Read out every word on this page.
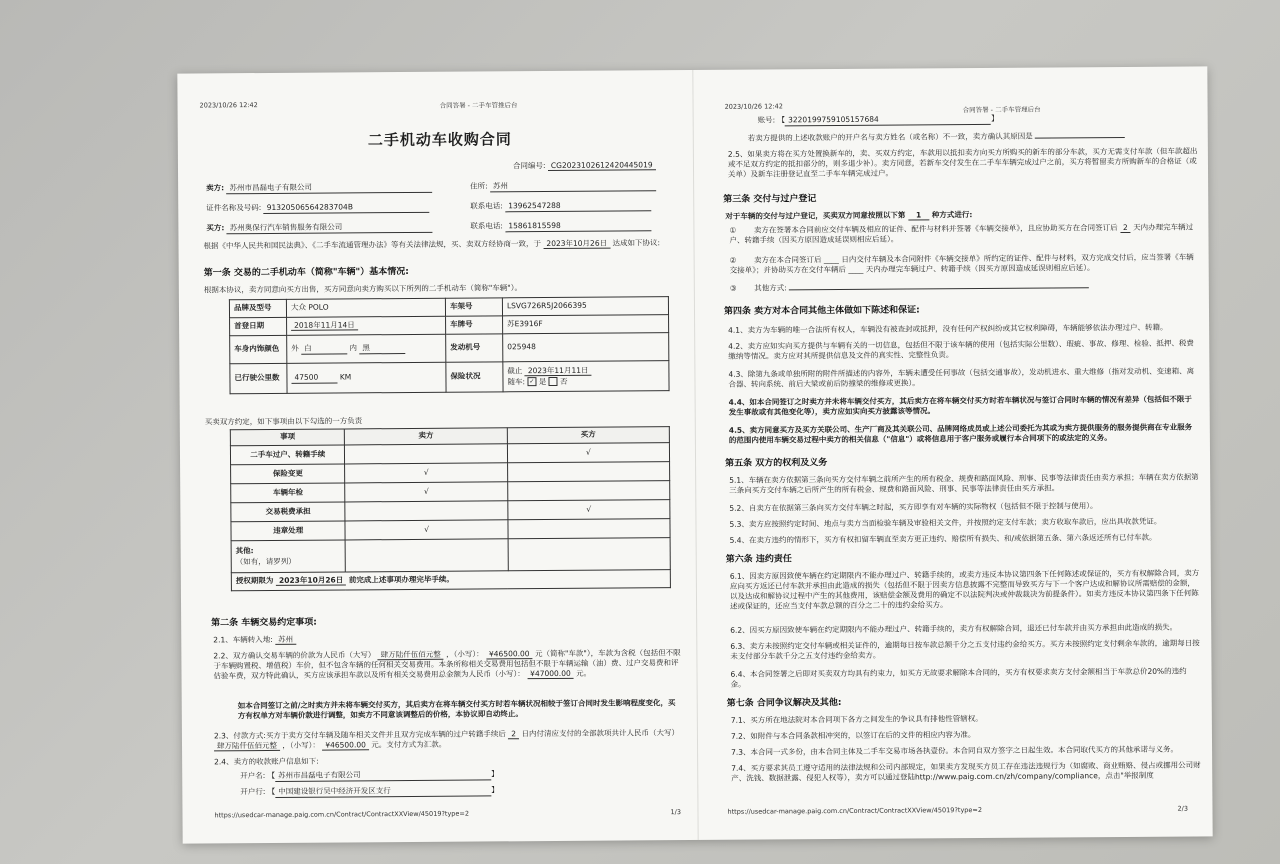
2023/10/26 12:42	合同答署 - 二手车管推后台
二手机动车收购合同
合同编号: CG2023102612420445019
卖方: 苏州市昌磊电子有限公司	住所: 苏州
证件名称及号码: 91320506564283704B	联系电话: 13962547288
买方: 苏州奥保行汽车销售服务有限公司	联系电话: 15861815598
根据《中华人民共和国民法典》、《二手车流通管理办法》等有关法律法规，买、卖双方经协商一致，于 2023年10月26日 达成如下协议:
第一条 交易的二手机动车（简称"车辆"）基本情况:
根据本协议，卖方同意向买方出售，买方同意向卖方购买以下所列的二手机动车（简称"车辆"）。
品牌及型号	大众 POLO	车架号	LSVG726R5J2066395
首登日期	2018年11月14日	车牌号	苏E3916F
车身内饰颜色	外 白 内 黑	发动机号	025948
已行驶公里数	47500 KM	保险状况	截止 2023年11月11日
随车: ✓ 是 否
买卖双方约定，如下事项由以下勾选的一方负责
事项	卖方	买方
二手车过户、转籍手续		√
保险变更	√	
车辆年检	√	
交易税费承担		√
违章处理	√	

其他:
（如有，请罗列）		

授权期限为 2023年10月26日 前完成上述事项办理完毕手续。		
第二条 车辆交易约定事项:
2.1、车辆转入地: 苏州
2.2、双方确认交易车辆的价款为人民币（大写） 肆万陆仟伍佰元整 ，（小写）： ¥46500.00 元（简称"车款"），车款为含税（包括但不限于车辆购置税、增值税）车价，但不包含车辆的任何相关交易费用。本条所称相关交易费用包括但不限于车辆运输（油）费、过户交易费和评估验车费，双方特此确认，买方应该承担车款以及所有相关交易费用总金额为人民币（小写）： ¥47000.00 元。
如本合同签订之前/之时卖方并未将车辆交付买方，其后卖方在将车辆交付买方时若车辆状况相较于签订合同时发生影响程度变化，买方有权单方对车辆价款进行调整，如卖方不同意该调整后的价格，本协议即自动终止。
2.3、付款方式:买方于卖方交付车辆及随车相关文件并且双方完成车辆的过户转籍手续后 2 日内付清应支付的全部款项共计人民币（大写） 肆万陆仟伍佰元整 ，（小写）： ¥46500.00 元。支付方式为汇款。
2.4、卖方的收款账户信息如下:
开户名: 【 苏州市昌磊电子有限公司	】
开户行: 【 中国建设银行吴中经济开发区支行	】
https://usedcar-manage.paig.com.cn/Contract/ContractXXView/45019?type=2	1/3
2023/10/26 12:42	合同答署 - 二手车管理后台
账号: 【 3220199759105157684	】
若卖方提供的上述收款账户的开户名与卖方姓名（或名称）不一致，卖方确认其原因是
2.5、如果卖方将在买方处置换新车的，卖、买双方约定，车款用以抵扣卖方向买方所购买的新车的部分车款，买方无需支付车款（但车款超出或不足双方约定的抵扣部分的，则多退少补）。卖方同意，若新车交付发生在二手车车辆完成过户之前，买方将暂留卖方所购新车的合格证（或关单）及新车注册登记直至二手车车辆完成过户。
第三条 交付与过户登记
对于车辆的交付与过户登记，买卖双方同意按照以下第 1 种方式进行:
① 卖方在签署本合同前应交付车辆及相应的证件、配件与材料并签署《车辆交接单》，且应协助买方在合同签订后 2 天内办理完车辆过户、转籍手续（因买方原因造成延误则相应后延）。
② 卖方在本合同签订后 ____ 日内交付车辆及本合同附件《车辆交接单》所约定的证件、配件与材料，双方完成交付后，应当签署《车辆交接单》；并协助买方在交付车辆后 ____ 天内办理完车辆过户、转籍手续（因买方原因造成延误则相应后延）。
③ 其他方式:
第四条 卖方对本合同其他主体做如下陈述和保证:
4.1、卖方为车辆的唯一合法所有权人，车辆没有被查封或抵押，没有任何产权纠纷或其它权利障碍，车辆能够依法办理过户、转籍。
4.2、卖方应如实向买方提供与车辆有关的一切信息，包括但不限于该车辆的使用（包括实际公里数）、瑕疵、事故、修理、检验、抵押、税费缴纳等情况。卖方应对其所提供信息及文件的真实性、完整性负责。
4.3、除第九条或单独所附的附件所描述的内容外，车辆未遭受任何事故（包括交通事故），发动机进水、重大维修（指对发动机、变速箱、离合器、转向系统、前后大梁或前后防撞梁的维修或更换）。
4.4、如本合同签订之时卖方并未将车辆交付买方，其后卖方在将车辆交付买方时若车辆状况与签订合同时车辆的情况有差异（包括但不限于发生事故或有其他变化等），卖方应如实向买方披露该等情况。
4.5、卖方同意买方及买方关联公司、生产厂商及其关联公司、品牌网络成员或上述公司委托为其或为卖方提供服务的服务提供商在专业服务的范围内使用车辆交易过程中卖方的相关信息（"信息"）或将信息用于客户服务或履行本合同项下的或法定的义务。
第五条 双方的权利及义务
5.1、车辆在卖方依据第三条向买方交付车辆之前所产生的所有税金、规费和路面风险、刑事、民事等法律责任由卖方承担；车辆在卖方依据第三条向买方交付车辆之后所产生的所有税金、规费和路面风险、刑事、民事等法律责任由买方承担。
5.2、自卖方在依据第三条向买方交付车辆之时起，买方即享有对车辆的实际物权（包括但不限于控制与使用）。
5.3、卖方应按照约定时间、地点与卖方当面检验车辆及审验相关文件，并按照约定支付车款；卖方收取车款后，应出具收款凭证。
5.4、在卖方违约的情形下，买方有权扣留车辆直至卖方更正违约、赔偿所有损失、和/或依据第五条、第六条返还所有已付车款。
第六条 违约责任
6.1、因卖方原因致使车辆在约定期限内不能办理过户、转籍手续的，或卖方违反本协议第四条下任何陈述或保证的，买方有权解除合同，卖方应向买方返还已付车款并承担由此造成的损失（包括但不限于因卖方信息披露不完整而导致买方与下一个客户达成和解协议所需赔偿的金额，以及达成和解协议过程中产生的其他费用，该赔偿金额及费用的确定不以法院判决或仲裁裁决为前提条件）。如卖方违反本协议第四条下任何陈述或保证的，还应当支付车款总额的百分之二十的违约金给买方。
6.2、因买方原因致使车辆在约定期限内不能办理过户、转籍手续的，卖方有权解除合同，退还已付车款并由买方承担由此造成的损失。
6.3、卖方未按照约定交付车辆或相关证件的，逾期每日按车款总额千分之五支付违约金给买方。买方未按照约定支付剩余车款的，逾期每日按未支付部分车款千分之五支付违约金给卖方。
6.4、本合同签署之后即对买卖双方均具有约束力，如买方无故要求解除本合同的，买方有权要求卖方支付金额相当于车款总价20%的违约金。
第七条 合同争议解决及其他:
7.1、买方所在地法院对本合同项下各方之间发生的争议具有排他性管辖权。
7.2、如附件与本合同条款相冲突的，以签订在后的文件的相应内容为准。
7.3、本合同一式多份，由本合同主体及二手车交易市场各执壹份。本合同自双方签字之日起生效。本合同取代买方的其他承诺与义务。
7.4、买方要求其员工遵守适用的法律法规和公司内部规定，如果卖方发现买方员工存在违法违规行为（如腐败、商业贿赂、侵占或挪用公司财产、洗钱、数据泄露、侵犯人权等），卖方可以通过登陆http://www.paig.com.cn/zh/company/compliance，点击"举报制度
https://usedcar-manage.paig.com.cn/Contract/ContractXXView/45019?type=2	2/3
